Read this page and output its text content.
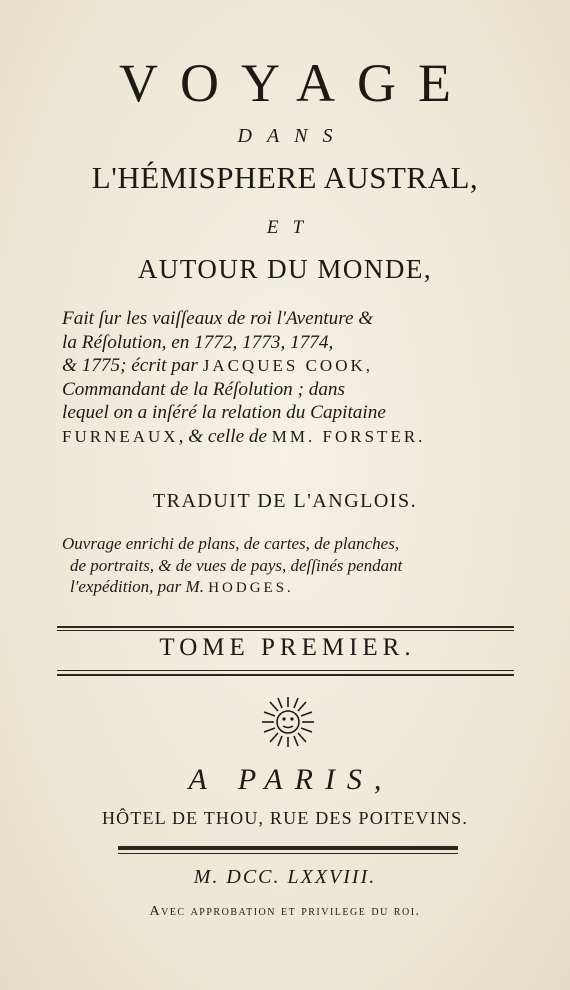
VOYAGE
DANS
L'HÉMISPHERE AUSTRAL,
ET
AUTOUR DU MONDE,
Fait ſur les vaiſſeaux de roi l'Aventure &
la Réſolution, en 1772, 1773, 1774,
& 1775; écrit par JACQUES COOK,
Commandant de la Réſolution ; dans
lequel on a inſéré la relation du Capitaine
FURNEAUX, & celle de MM. FORSTER.
TRADUIT DE L'ANGLOIS.
Ouvrage enrichi de plans, de cartes, de planches,
de portraits, & de vues de pays, deſſinés pendant
l'expédition, par M. HODGES.
TOME PREMIER.
A PARIS,
HÔTEL DE THOU, RUE DES POITEVINS.
M. DCC. LXXVIII.
Avec approbation et privilege du roi.
